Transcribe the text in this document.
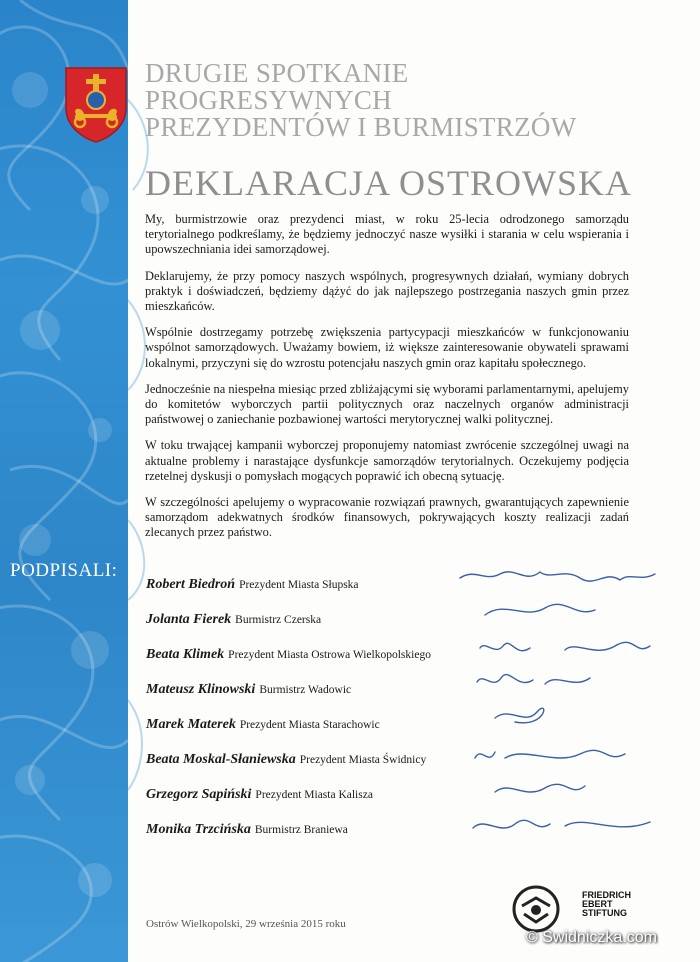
DRUGIE SPOTKANIE
PROGRESYWNYCH
PREZYDENTÓW I BURMISTRZÓW
DEKLARACJA OSTROWSKA

My, burmistrzowie oraz prezydenci miast, w roku 25-lecia odrodzonego samorządu terytorialnego podkreślamy, że będziemy jednoczyć nasze wysiłki i starania w celu wspierania i upowszechniania idei samorządowej.

Deklarujemy, że przy pomocy naszych wspólnych, progresywnych działań, wymiany dobrych praktyk i doświadczeń, będziemy dążyć do jak najlepszego postrzegania naszych gmin przez mieszkańców.

Wspólnie dostrzegamy potrzebę zwiększenia partycypacji mieszkańców w funkcjonowaniu wspólnot samorządowych. Uważamy bowiem, iż większe zainteresowanie obywateli sprawami lokalnymi, przyczyni się do wzrostu potencjału naszych gmin oraz kapitału społecznego.

Jednocześnie na niespełna miesiąc przed zbliżającymi się wyborami parlamentarnymi, apelujemy do komitetów wyborczych partii politycznych oraz naczelnych organów administracji państwowej o zaniechanie pozbawionej wartości merytorycznej walki politycznej.

W toku trwającej kampanii wyborczej proponujemy natomiast zwrócenie szczególnej uwagi na aktualne problemy i narastające dysfunkcje samorządów terytorialnych. Oczekujemy podjęcia rzetelnej dyskusji o pomysłach mogących poprawić ich obecną sytuację.

W szczególności apelujemy o wypracowanie rozwiązań prawnych, gwarantujących zapewnienie samorządom adekwatnych środków finansowych, pokrywających koszty realizacji zadań zlecanych przez państwo.

PODPISALI:
Robert Biedroń Prezydent Miasta Słupska
Jolanta Fierek Burmistrz Czerska
Beata Klimek Prezydent Miasta Ostrowa Wielkopolskiego
Mateusz Klinowski Burmistrz Wadowic
Marek Materek Prezydent Miasta Starachowic
Beata Moskal-Słaniewska Prezydent Miasta Świdnicy
Grzegorz Sapiński Prezydent Miasta Kalisza
Monika Trzcińska Burmistrz Braniewa
Ostrów Wielkopolski, 29 września 2015 roku
FRIEDRICH
EBERT
STIFTUNG
© Swidniczka.com
